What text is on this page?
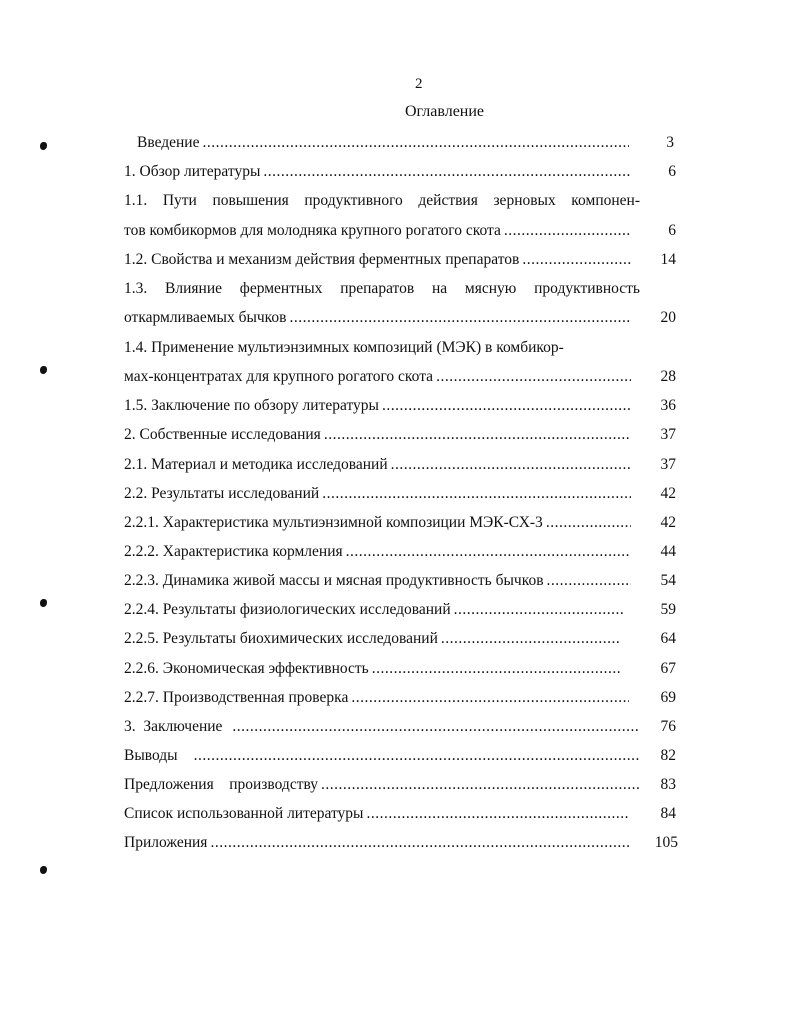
2
Оглавление
Введение .....	3
1. Обзор литературы .....	6
1.1. Пути повышения продуктивного действия зерновых компонен-
тов комбикормов для молодняка крупного рогатого скота .....	6
1.2. Свойства и механизм действия ферментных препаратов .....	14
1.3. Влияние ферментных препаратов на мясную продуктивность
откармливаемых бычков .....	20
1.4. Применение мультиэнзимных композиций (МЭК) в комбикор-
мах-концентратах для крупного рогатого скота .....	28
1.5. Заключение по обзору литературы .....	36
2. Собственные исследования .....	37
2.1. Материал и методика исследований .....	37
2.2. Результаты исследований .....	42
2.2.1. Характеристика мультиэнзимной композиции МЭК-СХ-3 .....	42
2.2.2. Характеристика кормления .....	44
2.2.3. Динамика живой массы и мясная продуктивность бычков .....	54
2.2.4. Результаты физиологических исследований .....	59
2.2.5. Результаты биохимических исследований .....	64
2.2.6. Экономическая эффективность .....	67
2.2.7. Производственная проверка .....	69
3.  Заключение .....	76
Выводы .....	82
Предложения    производству .....	83
Список использованной литературы .....	84
Приложения .....	105
